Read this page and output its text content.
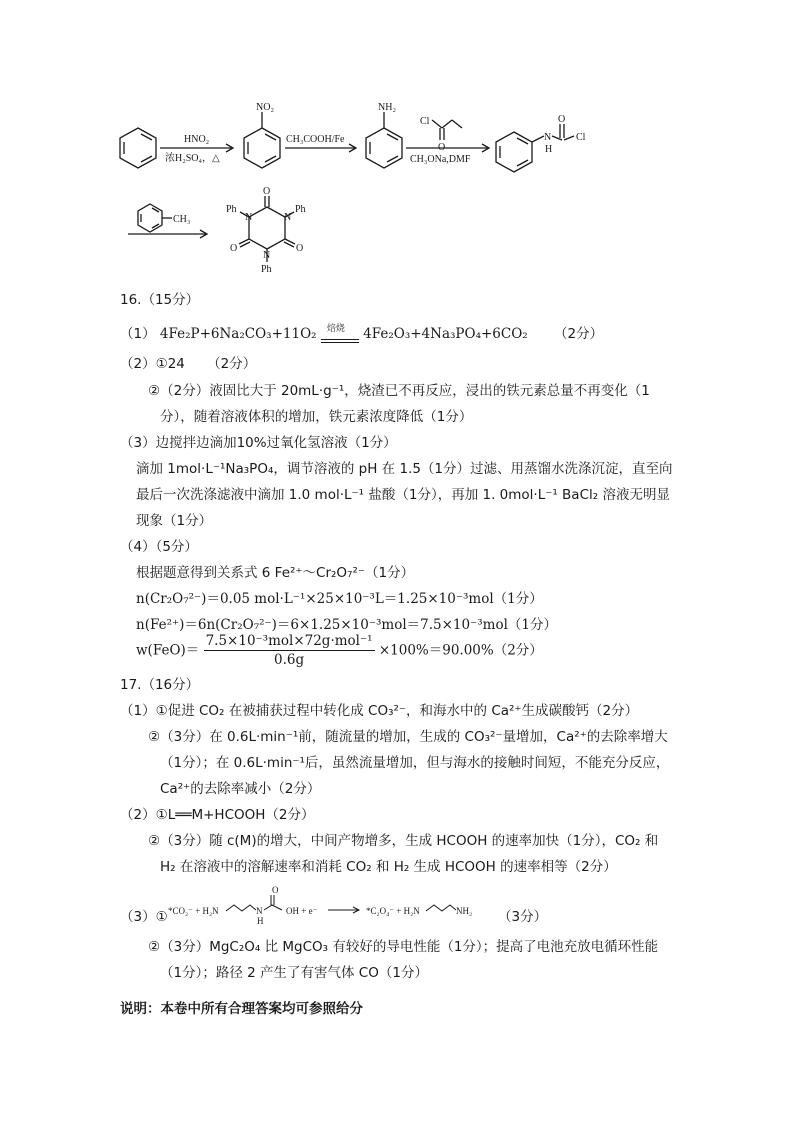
HNO₂
浓H₂SO₄，△
NO₂
CH₃COOH/Fe
NH₂
Cl
CH₃ONa,DMF
O
N
H
Cl
CH₃
O
O	O
N	N
N
Ph	Ph
Ph
O
16.（15分）
（1） 4Fe₂P+6Na₂CO₃+11O₂ 焙烧 4Fe₂O₃+4Na₃PO₄+6CO₂ （2分）
（2）①24 （2分）
②（2分）液固比大于 20mL·g⁻¹，烧渣已不再反应，浸出的铁元素总量不再变化（1
分），随着溶液体积的增加，铁元素浓度降低（1分）
（3）边搅拌边滴加10%过氧化氢溶液（1分）
滴加 1mol·L⁻¹Na₃PO₄，调节溶液的 pH 在 1.5（1分）过滤、用蒸馏水洗涤沉淀，直至向
最后一次洗涤滤液中滴加 1.0 mol·L⁻¹ 盐酸（1分），再加 1. 0mol·L⁻¹ BaCl₂ 溶液无明显
现象（1分）
（4）（5分）
根据题意得到关系式 6 Fe²⁺～Cr₂O₇²⁻（1分）
n(Cr₂O₇²⁻)＝0.05 mol·L⁻¹×25×10⁻³L＝1.25×10⁻³mol（1分）
n(Fe²⁺)＝6n(Cr₂O₇²⁻)＝6×1.25×10⁻³mol＝7.5×10⁻³mol（1分）
$w(FeO)= \frac{\text{7.5×10⁻³mol×72g·mol⁻¹}}{0.6g} \times 100\%=90.00\%(2$分）
17.（16分）
（1）①促进 CO₂ 在被捕获过程中转化成 CO₃²⁻，和海水中的 Ca²⁺生成碳酸钙（2分）
②（3分）在 0.6L·min⁻¹前，随流量的增加，生成的 CO₃²⁻量增加，Ca²⁺的去除率增大
（1分）；在 0.6L·min⁻¹后，虽然流量增加，但与海水的接触时间短，不能充分反应，
Ca²⁺的去除率减小（2分）
（2）①L══M+HCOOH（2分）
②（3分）随 c(M)的增大，中间产物增多，生成 HCOOH 的速率加快（1分），CO₂ 和
H₂ 在溶液中的溶解速率和消耗 CO₂ 和 H₂ 生成 HCOOH 的速率相等（2分）
（3）① *CO₂⁻ + H₂N
O
N
H
OH + e⁻	*C₂O₄⁻ + H₂N	NH₂ （3分）
②（3分）MgC₂O₄ 比 MgCO₃ 有较好的导电性能（1分）；提高了电池充放电循环性能
（1分）；路径 2 产生了有害气体 CO（1分）
说明：本卷中所有合理答案均可参照给分
